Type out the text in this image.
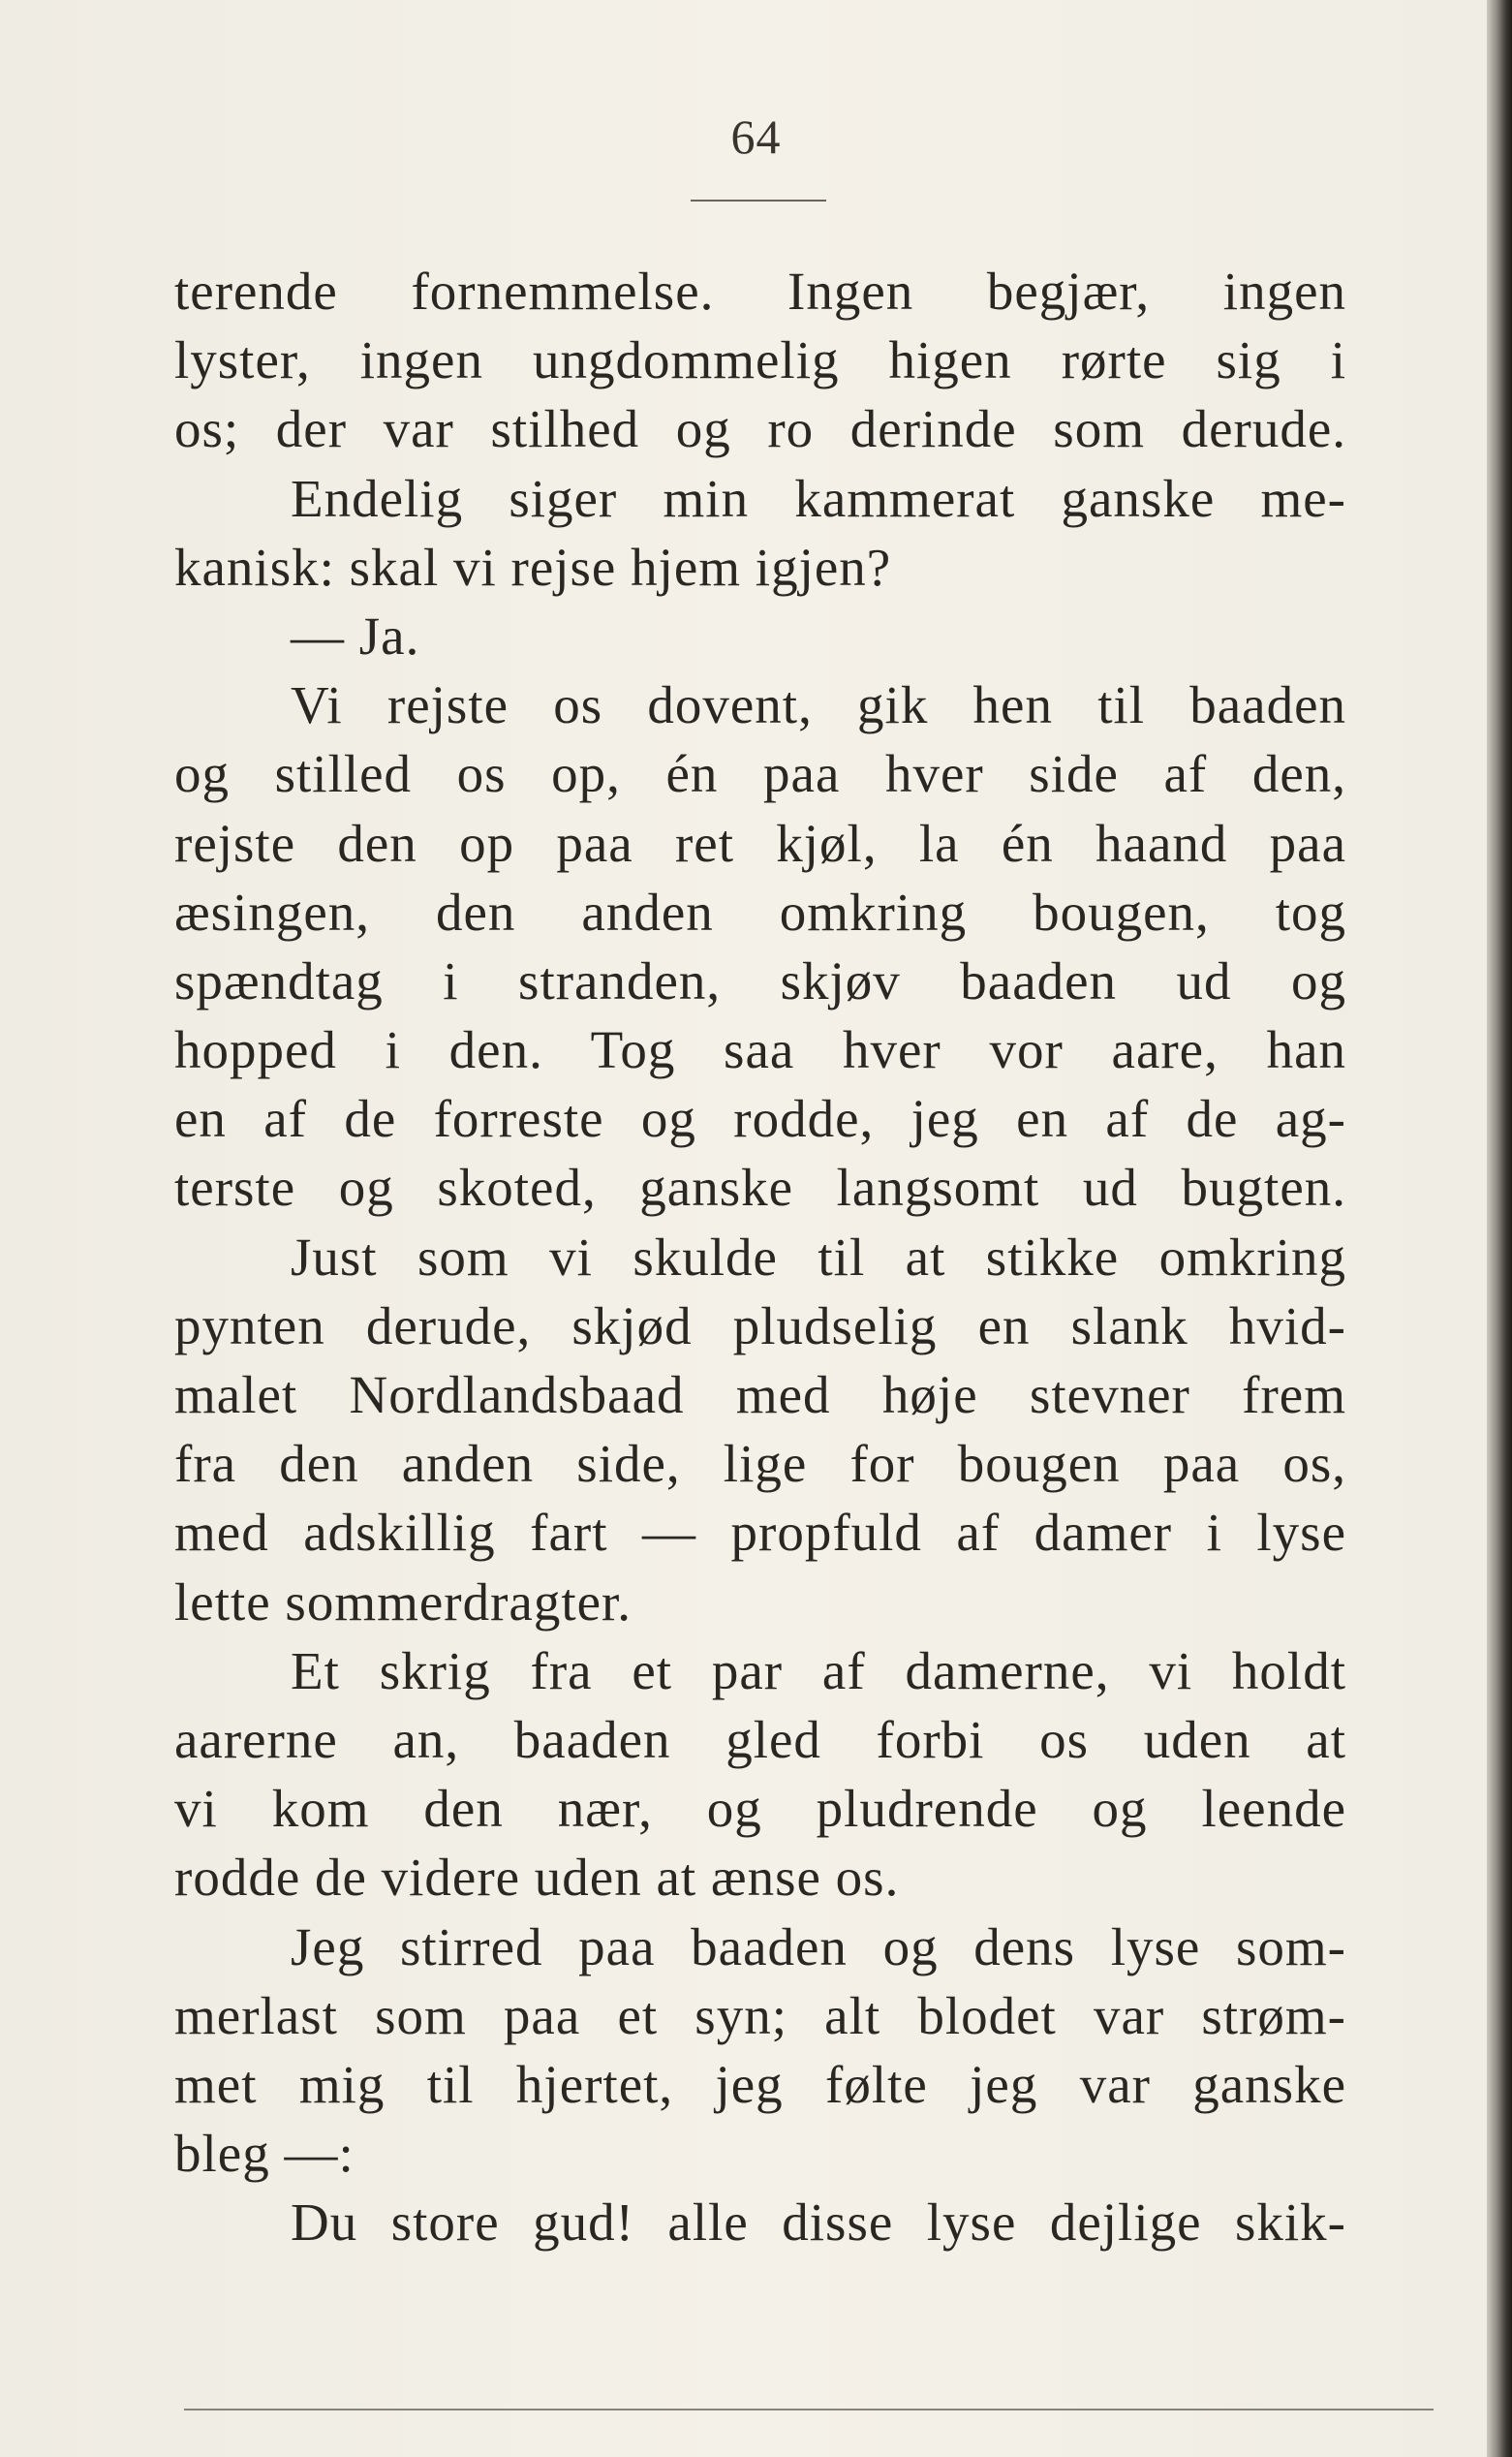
64
terende fornemmelse. Ingen begjær, ingen
lyster, ingen ungdommelig higen rørte sig i
os; der var stilhed og ro derinde som derude.
Endelig siger min kammerat ganske me-
kanisk: skal vi rejse hjem igjen?
— Ja.
Vi rejste os dovent, gik hen til baaden
og stilled os op, én paa hver side af den,
rejste den op paa ret kjøl, la én haand paa
æsingen, den anden omkring bougen, tog
spændtag i stranden, skjøv baaden ud og
hopped i den. Tog saa hver vor aare, han
en af de forreste og rodde, jeg en af de ag-
terste og skoted, ganske langsomt ud bugten.
Just som vi skulde til at stikke omkring
pynten derude, skjød pludselig en slank hvid-
malet Nordlandsbaad med høje stevner frem
fra den anden side, lige for bougen paa os,
med adskillig fart — propfuld af damer i lyse
lette sommerdragter.
Et skrig fra et par af damerne, vi holdt
aarerne an, baaden gled forbi os uden at
vi kom den nær, og pludrende og leende
rodde de videre uden at ænse os.
Jeg stirred paa baaden og dens lyse som-
merlast som paa et syn; alt blodet var strøm-
met mig til hjertet, jeg følte jeg var ganske
bleg —:
Du store gud! alle disse lyse dejlige skik-
